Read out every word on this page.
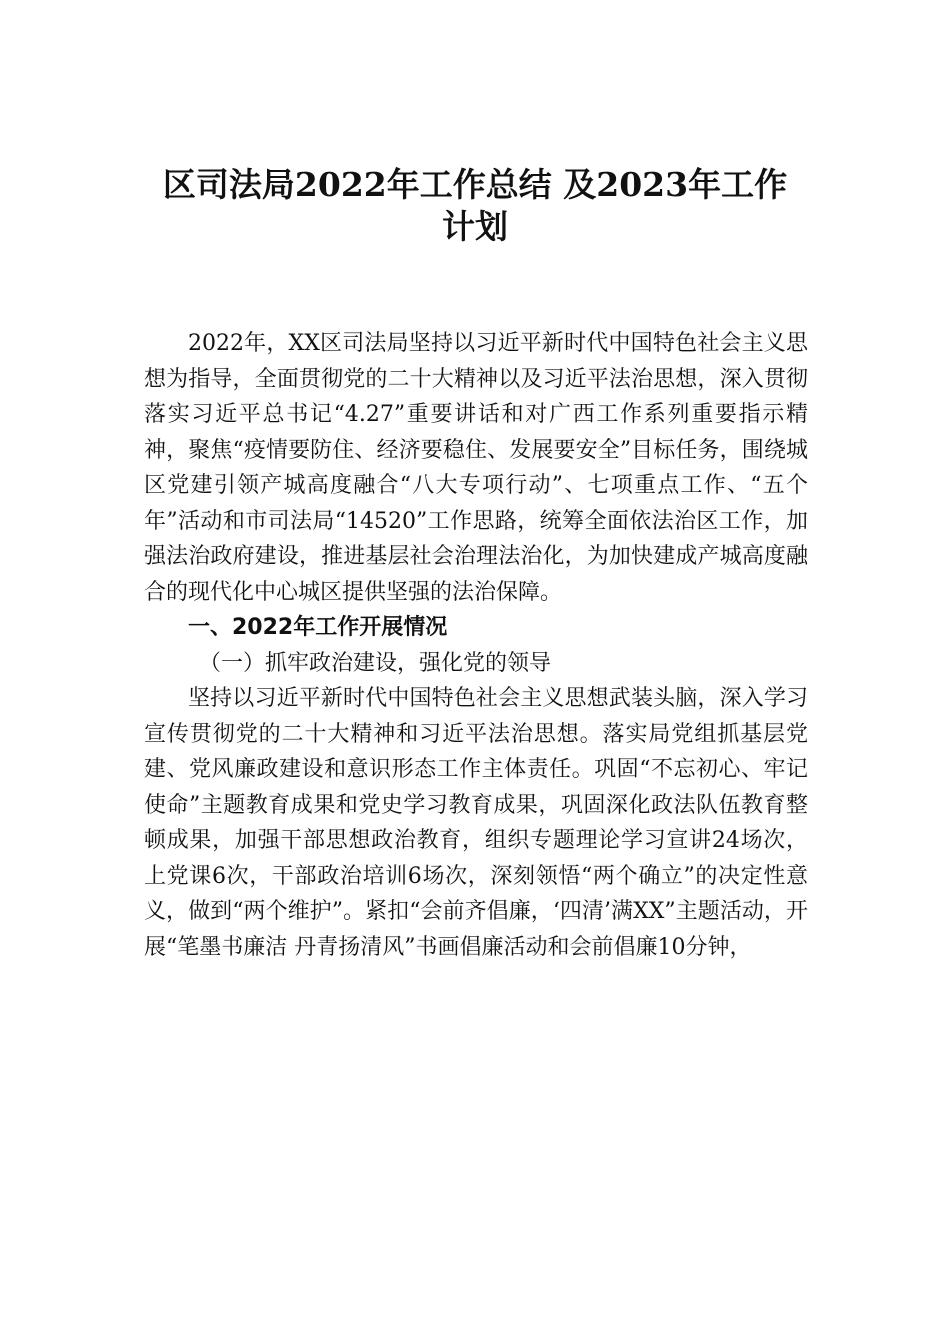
区司法局2022年工作总结 及2023年工作
计划

2022年，XX区司法局坚持以习近平新时代中国特色社会主义思想为指导，全面贯彻党的二十大精神以及习近平法治思想，深入贯彻落实习近平总书记“4.27”重要讲话和对广西工作系列重要指示精神，聚焦“疫情要防住、经济要稳住、发展要安全”目标任务，围绕城区党建引领产城高度融合“八大专项行动”、七项重点工作、“五个年”活动和市司法局“14520”工作思路，统筹全面依法治区工作，加强法治政府建设，推进基层社会治理法治化，为加快建成产城高度融合的现代化中心城区提供坚强的法治保障。

一、2022年工作开展情况

（一）抓牢政治建设，强化党的领导

坚持以习近平新时代中国特色社会主义思想武装头脑，深入学习宣传贯彻党的二十大精神和习近平法治思想。落实局党组抓基层党建、党风廉政建设和意识形态工作主体责任。巩固“不忘初心、牢记使命”主题教育成果和党史学习教育成果，巩固深化政法队伍教育整顿成果，加强干部思想政治教育，组织专题理论学习宣讲24场次，上党课6次，干部政治培训6场次，深刻领悟“两个确立”的决定性意义，做到“两个维护”。紧扣“会前齐倡廉，‘四清’满XX”主题活动，开展“笔墨书廉洁 丹青扬清风”书画倡廉活动和会前倡廉10分钟，
